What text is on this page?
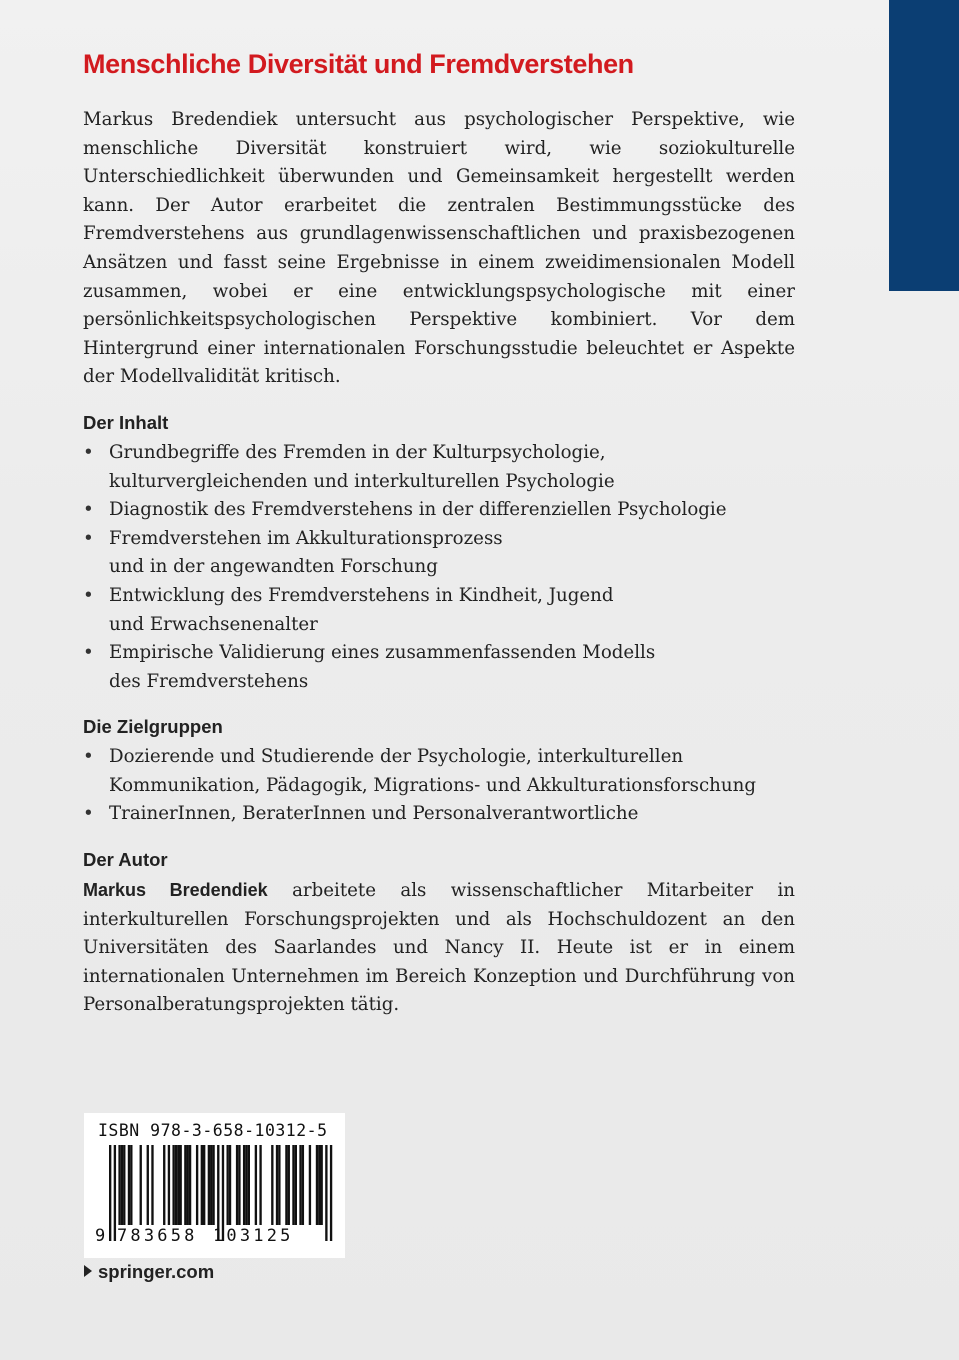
Menschliche Diversität und Fremdverstehen

Markus Bredendiek untersucht aus psychologischer Perspektive, wie menschliche Diversität konstruiert wird, wie soziokulturelle Unterschiedlichkeit überwunden und Gemeinsamkeit hergestellt werden kann. Der Autor erarbeitet die zentralen Bestimmungsstücke des Fremdverstehens aus grundlagenwissenschaftlichen und praxisbezogenen Ansätzen und fasst seine Ergebnisse in einem zweidimensionalen Modell zusammen, wobei er eine entwicklungspsychologische mit einer persönlichkeitspsychologischen Perspektive kombiniert. Vor dem Hintergrund einer internationalen Forschungsstudie beleuchtet er Aspekte der Modellvalidität kritisch.

Der Inhalt
• Grundbegriffe des Fremden in der Kulturpsychologie,
kulturvergleichenden und interkulturellen Psychologie
• Diagnostik des Fremdverstehens in der differenziellen Psychologie
• Fremdverstehen im Akkulturationsprozess
und in der angewandten Forschung
• Entwicklung des Fremdverstehens in Kindheit, Jugend
und Erwachsenenalter
• Empirische Validierung eines zusammenfassenden Modells
des Fremdverstehens
Die Zielgruppen
• Dozierende und Studierende der Psychologie, interkulturellen
Kommunikation, Pädagogik, Migrations- und Akkulturationsforschung
• TrainerInnen, BeraterInnen und Personalverantwortliche
Der Autor

Markus Bredendiek arbeitete als wissenschaftlicher Mitarbeiter in interkulturellen Forschungsprojekten und als Hochschuldozent an den Universitäten des Saarlandes und Nancy II. Heute ist er in einem internationalen Unternehmen im Bereich Konzeption und Durchführung von Personalberatungsprojekten tätig.

ISBN 978-3-658-10312-5
9 783658 103125
springer.com
